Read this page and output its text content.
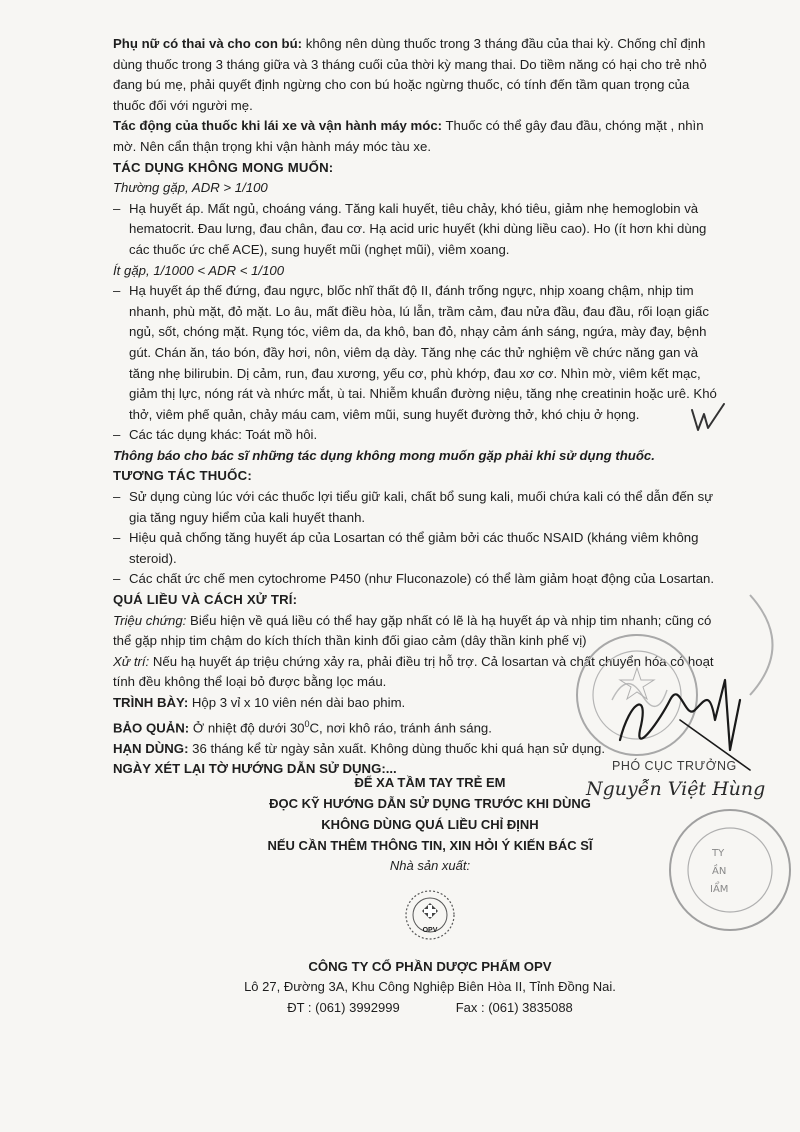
Phụ nữ có thai và cho con bú: không nên dùng thuốc trong 3 tháng đầu của thai kỳ. Chống chỉ định dùng thuốc trong 3 tháng giữa và 3 tháng cuối của thời kỳ mang thai. Do tiềm năng có hại cho trẻ nhỏ đang bú mẹ, phải quyết định ngừng cho con bú hoặc ngừng thuốc, có tính đến tầm quan trọng của thuốc đối với người mẹ.

Tác động của thuốc khi lái xe và vận hành máy móc: Thuốc có thể gây đau đầu, chóng mặt , nhìn mờ. Nên cẩn thận trọng khi vận hành máy móc tàu xe.

TÁC DỤNG KHÔNG MONG MUỐN:

Thường gặp, ADR > 1/100

– Hạ huyết áp. Mất ngủ, choáng váng. Tăng kali huyết, tiêu chảy, khó tiêu, giảm nhẹ hemoglobin và hematocrit. Đau lưng, đau chân, đau cơ. Hạ acid uric huyết (khi dùng liều cao). Ho (ít hơn khi dùng các thuốc ức chế ACE), sung huyết mũi (nghẹt mũi), viêm xoang.

Ít gặp, 1/1000 < ADR < 1/100

– Hạ huyết áp thế đứng, đau ngực, blốc nhĩ thất độ II, đánh trống ngực, nhịp xoang chậm, nhịp tim nhanh, phù mặt, đỏ mặt. Lo âu, mất điều hòa, lú lẫn, trầm cảm, đau nửa đầu, đau đầu, rối loạn giấc ngủ, sốt, chóng mặt. Rụng tóc, viêm da, da khô, ban đỏ, nhạy cảm ánh sáng, ngứa, mày đay, bệnh gút. Chán ăn, táo bón, đầy hơi, nôn, viêm dạ dày. Tăng nhẹ các thử nghiệm về chức năng gan và tăng nhẹ bilirubin. Dị cảm, run, đau xương, yếu cơ, phù khớp, đau xơ cơ. Nhìn mờ, viêm kết mạc, giảm thị lực, nóng rát và nhức mắt, ù tai. Nhiễm khuẩn đường niệu, tăng nhẹ creatinin hoặc urê. Khó thở, viêm phế quản, chảy máu cam, viêm mũi, sung huyết đường thở, khó chịu ở họng.

– Các tác dụng khác: Toát mồ hôi.

Thông báo cho bác sĩ những tác dụng không mong muốn gặp phải khi sử dụng thuốc.

TƯƠNG TÁC THUỐC:

– Sử dụng cùng lúc với các thuốc lợi tiểu giữ kali, chất bổ sung kali, muối chứa kali có thể dẫn đến sự gia tăng nguy hiểm của kali huyết thanh.

– Hiệu quả chống tăng huyết áp của Losartan có thể giảm bởi các thuốc NSAID (kháng viêm không steroid).

– Các chất ức chế men cytochrome P450 (như Fluconazole) có thể làm giảm hoạt động của Losartan.

QUÁ LIỀU VÀ CÁCH XỬ TRÍ:

Triệu chứng: Biểu hiện về quá liều có thể hay gặp nhất có lẽ là hạ huyết áp và nhịp tim nhanh; cũng có thể gặp nhịp tim chậm do kích thích thần kinh đối giao cảm (dây thần kinh phế vị)

Xử trí: Nếu hạ huyết áp triệu chứng xảy ra, phải điều trị hỗ trợ. Cả losartan và chất chuyển hóa có hoạt tính đều không thể loại bỏ được bằng lọc máu.

TRÌNH BÀY: Hộp 3 vỉ x 10 viên nén dài bao phim.

BẢO QUẢN: Ở nhiệt độ dưới $30^0C$, nơi khô ráo, tránh ánh sáng.

HẠN DÙNG: 36 tháng kể từ ngày sản xuất. Không dùng thuốc khi quá hạn sử dụng.

NGÀY XÉT LẠI TỜ HƯỚNG DẪN SỬ DỤNG:...

ĐỂ XA TẦM TAY TRẺ EM

ĐỌC KỸ HƯỚNG DẪN SỬ DỤNG TRƯỚC KHI DÙNG

KHÔNG DÙNG QUÁ LIỀU CHỈ ĐỊNH

NẾU CẦN THÊM THÔNG TIN, XIN HỎI Ý KIẾN BÁC SĨ

Nhà sản xuất:

OPV

CÔNG TY CỔ PHẦN DƯỢC PHẨM OPV

Lô 27, Đường 3A, Khu Công Nghiệp Biên Hòa II, Tỉnh Đồng Nai.

ĐT : (061) 3992999	Fax : (061) 3835088

TY
ẦN
IẨM
PHÓ CỤC TRƯỞNG
Nguyễn Việt Hùng
